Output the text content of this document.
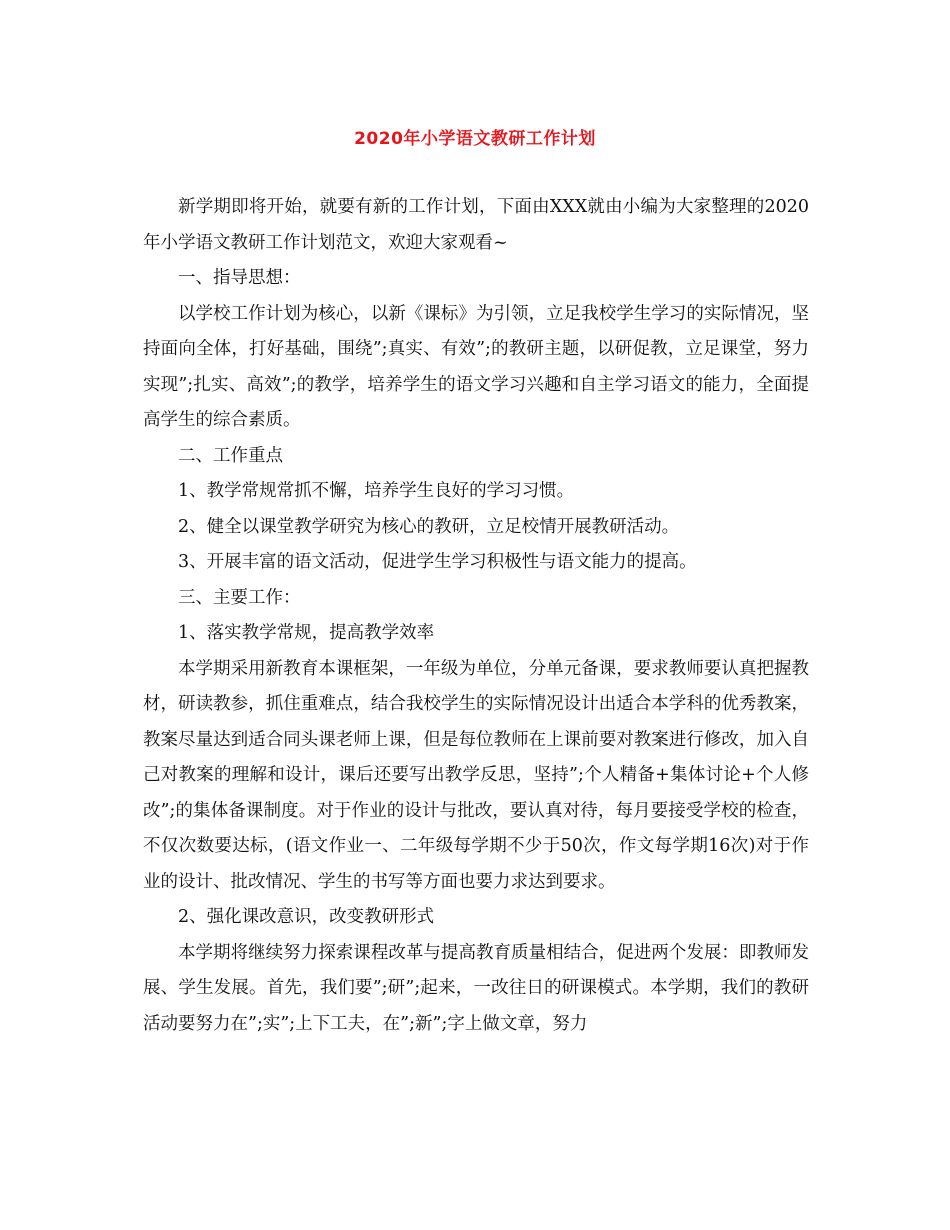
2020年小学语文教研工作计划

新学期即将开始，就要有新的工作计划，下面由XXX就由小编为大家整理的2020年小学语文教研工作计划范文，欢迎大家观看~

一、指导思想：

以学校工作计划为核心，以新《课标》为引领，立足我校学生学习的实际情况，坚持面向全体，打好基础，围绕”;真实、有效”;的教研主题，以研促教，立足课堂，努力实现”;扎实、高效”;的教学，培养学生的语文学习兴趣和自主学习语文的能力，全面提高学生的综合素质。

二、工作重点

1、教学常规常抓不懈，培养学生良好的学习习惯。

2、健全以课堂教学研究为核心的教研，立足校情开展教研活动。

3、开展丰富的语文活动，促进学生学习积极性与语文能力的提高。

三、主要工作：

1、落实教学常规，提高教学效率

本学期采用新教育本课框架，一年级为单位，分单元备课，要求教师要认真把握教材，研读教参，抓住重难点，结合我校学生的实际情况设计出适合本学科的优秀教案，教案尽量达到适合同头课老师上课，但是每位教师在上课前要对教案进行修改，加入自己对教案的理解和设计，课后还要写出教学反思，坚持”;个人精备+集体讨论+个人修改”;的集体备课制度。对于作业的设计与批改，要认真对待，每月要接受学校的检查，不仅次数要达标，(语文作业一、二年级每学期不少于50次，作文每学期16次)对于作业的设计、批改情况、学生的书写等方面也要力求达到要求。

2、强化课改意识，改变教研形式

本学期将继续努力探索课程改革与提高教育质量相结合，促进两个发展：即教师发展、学生发展。首先，我们要”;研”;起来，一改往日的研课模式。本学期，我们的教研活动要努力在”;实”;上下工夫，在”;新”;字上做文章，努力
